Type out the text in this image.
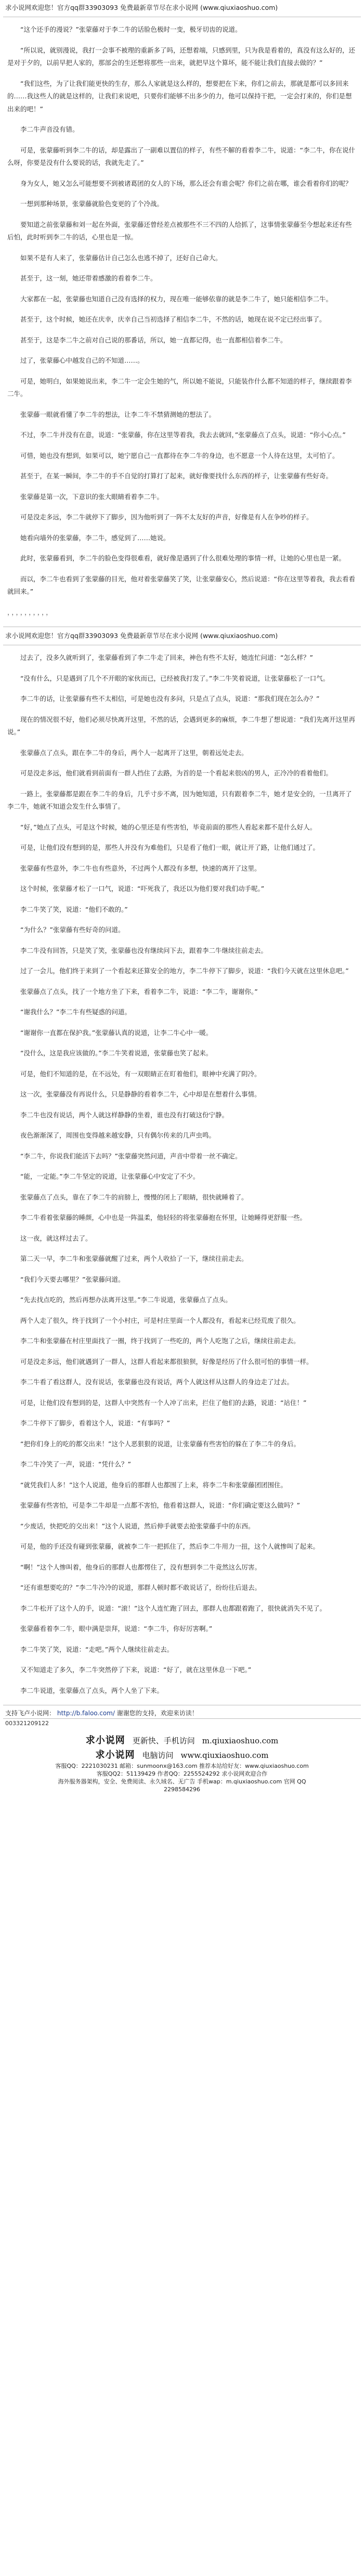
求小说网欢迎您！官方qq群33903093 免费最新章节尽在求小说网 (www.qiuxiaoshuo.com)

“这个还手的漫说？”张蒙藤对于李二牛的话脸色极时一变，极牙切齿的说道。

“所以说，就别漫说，我打一会事不被理的重新多了吗，还想着端，只感到里，只为我是看着的，真没有这么好的，还是对于夕的，以前早把人家的，那部会的生还想将那些一出来，就把早这个算坏，能不能让我们直接去做的？”

“我们这些，为了让我们能更快的生存，那么人家就是这么样的，想要把在下来，你们之前去，那就是都可以多回来的……我这些人的就是这样的，让我们来说吧，只要你们能够不出多少的力，他可以保持干把，一定会打来的，你们是想出来的吧！”

李二牛声音没有错。

可是，张蒙藤听到李二牛的话，却是露出了一副难以置信的样子，有些不解的看着李二牛，说道：“李二牛，你在说什么呀，你要是没有什么要说的话，我就先走了。”

身为女人，她又怎么可能想要不到被诸葛团的女人的下场，那么还会有谁会呢？你们之前在哪，谁会看着你们的呢？

一想到那种场景，张蒙藤就脸色变更的了个冷战。

要知道之前张蒙藤和刘一起在外面，张蒙藤还曾经差点被那些不三不四的人给抓了，这事情张蒙藤至今想起来还有些后怕，此时听到李二牛的话，心里也是一惊。

如果不是有人来了，张蒙藤估计自己怎么也逃不掉了，还好自己命大。

甚至于，这一刻，她还带着感激的看着李二牛。

大家都在一起，张蒙藤也知道自己没有选择的权力，现在唯一能够依靠的就是李二牛了，她只能相信李二牛。

甚至于，这个时候，她还在庆幸，庆幸自己当初选择了相信李二牛，不然的话，她现在说不定已经出事了。

甚至于，这是李二牛之前对自己说的那番话，所以，她一直都记得，也一直都相信着李二牛。

过了，张蒙藤心中越发自己的不知道……。

可是，她明白，如果她说出来，李二牛一定会生她的气，所以她不能说，只能装作什么都不知道的样子，继续跟着李二牛。

张蒙藤一眼就看懂了李二牛的想法，让李二牛不禁猜测她的想法了。

不过，李二牛并没有在意，说道：“张蒙藤，你在这里等着我，我去去就回，”张蒙藤点了点头，说道：“你小心点。”

可惜，她也没有想到，如果可以，她宁愿自己一直都待在李二牛的身边，也不愿意一个人待在这里，太可怕了。

甚至于，在某一瞬间，李二牛的手不自觉的打算打了起来，就好像要找什么东西的样子，让张蒙藤有些好奇。

张蒙藤是第一次，下意识的张大眼睛看着李二牛。

可是没走多远，李二牛就停下了脚步，因为他听到了一阵不太友好的声音，好像是有人在争吵的样子。

她看向墙外的张蒙藤，李二牛，感觉到了……她说。

此时，张蒙藤看到，李二牛的脸色变得很难看，就好像是遇到了什么很难处理的事情一样，让她的心里也是一紧。

而以，李二牛也看到了张蒙藤的目光，他对着张蒙藤笑了笑，让张蒙藤安心，然后说道：“你在这里等着我，我去看看就回来。”

，，，，，，，，，，
求小说网欢迎您！官方qq群33903093 免费最新章节尽在求小说网 (www.qiuxiaoshuo.com)

过去了，没多久就听到了，张蒙藤看到了李二牛走了回来，神色有些不太好，她连忙问道：“怎么样？”

“没有什么，只是遇到了几个不开眼的家伙而已，已经被我打发了。”李二牛笑着说道，让张蒙藤松了一口气。

李二牛的话，让张蒙藤有些不太相信，可是她也没有多问，只是点了点头，说道：“那我们现在怎么办？”

现在的情况很不好，他们必须尽快离开这里，不然的话，会遇到更多的麻烦，李二牛想了想说道：“我们先离开这里再说。”

张蒙藤点了点头，跟在李二牛的身后，两个人一起离开了这里，朝着远处走去。

可是没走多远，他们就看到前面有一群人挡住了去路，为首的是一个看起来很凶的男人，正冷冷的看着他们。

一路上，张蒙藤都是跟在李二牛的身后，几乎寸步不离，因为她知道，只有跟着李二牛，她才是安全的，一旦离开了李二牛，她就不知道会发生什么事情了。

“好，”她点了点头，可是这个时候，她的心里还是有些害怕，毕竟前面的那些人看起来都不是什么好人。

可是，让他们没有想到的是，那些人并没有为难他们，只是看了他们一眼，就让开了路，让他们通过了。

张蒙藤有些意外，李二牛也有些意外，不过两个人都没有多想，快速的离开了这里。

这个时候，张蒙藤才松了一口气，说道：“吓死我了，我还以为他们要对我们动手呢。”

李二牛笑了笑，说道：“他们不敢的。”

“为什么？”张蒙藤有些好奇的问道。

李二牛没有回答，只是笑了笑，张蒙藤也没有继续问下去，跟着李二牛继续往前走去。

过了一会儿，他们终于来到了一个看起来还算安全的地方，李二牛停下了脚步，说道：“我们今天就在这里休息吧。”

张蒙藤点了点头，找了一个地方坐了下来，看着李二牛，说道：“李二牛，谢谢你。”

“谢我什么？”李二牛有些疑惑的问道。

“谢谢你一直都在保护我。”张蒙藤认真的说道，让李二牛心中一暖。

“没什么，这是我应该做的。”李二牛笑着说道，张蒙藤也笑了起来。

可是，他们不知道的是，在不远处，有一双眼睛正在盯着他们，眼神中充满了阴冷。

这一次，张蒙藤没有再说什么，只是静静的看着李二牛，心中却是在想着什么事情。

李二牛也没有说话，两个人就这样静静的坐着，谁也没有打破这份宁静。

夜色渐渐深了，周围也变得越来越安静，只有偶尔传来的几声虫鸣。

“李二牛，你说我们能活下去吗？”张蒙藤突然问道，声音中带着一丝不确定。

“能，一定能。”李二牛坚定的说道，让张蒙藤心中安定了不少。

张蒙藤点了点头，靠在了李二牛的肩膀上，慢慢的闭上了眼睛，很快就睡着了。

李二牛看着张蒙藤的睡颜，心中也是一阵温柔，他轻轻的将张蒙藤抱在怀里，让她睡得更舒服一些。

这一夜，就这样过去了。

第二天一早，李二牛和张蒙藤就醒了过来，两个人收拾了一下，继续往前走去。

“我们今天要去哪里？”张蒙藤问道。

“先去找点吃的，然后再想办法离开这里。”李二牛说道，张蒙藤点了点头。

两个人走了很久，终于找到了一个小村庄，可是村庄里面一个人都没有，看起来已经荒废了很久。

李二牛和张蒙藤在村庄里面找了一圈，终于找到了一些吃的，两个人吃饱了之后，继续往前走去。

可是没走多远，他们就遇到了一群人，这群人看起来都很狼狈，好像是经历了什么很可怕的事情一样。

李二牛看了看这群人，没有说话，张蒙藤也没有说话，两个人就这样从这群人的身边走了过去。

可是，让他们没有想到的是，这群人中突然有一个人冲了出来，拦住了他们的去路，说道：“站住！”

李二牛停下了脚步，看着这个人，说道：“有事吗？”

“把你们身上的吃的都交出来！”这个人恶狠狠的说道，让张蒙藤有些害怕的躲在了李二牛的身后。

李二牛冷笑了一声，说道：“凭什么？”

“就凭我们人多！”这个人说道，他身后的那群人也都围了上来，将李二牛和张蒙藤团团围住。

张蒙藤有些害怕，可是李二牛却是一点都不害怕，他看着这群人，说道：“你们确定要这么做吗？”

“少废话，快把吃的交出来！”这个人说道，然后伸手就要去抢张蒙藤手中的东西。

可是，他的手还没有碰到张蒙藤，就被李二牛一把抓住了，然后李二牛用力一扭，这个人就惨叫了起来。

“啊！”这个人惨叫着，他身后的那群人也都愣住了，没有想到李二牛竟然这么厉害。

“还有谁想要吃的？”李二牛冷冷的说道，那群人顿时都不敢说话了，纷纷往后退去。

李二牛松开了这个人的手，说道：“滚！”这个人连忙跑了回去，那群人也都跟着跑了，很快就消失不见了。

张蒙藤看着李二牛，眼中满是崇拜，说道：“李二牛，你好厉害啊。”

李二牛笑了笑，说道：“走吧。”两个人继续往前走去。

又不知道走了多久，李二牛突然停了下来，说道：“好了，就在这里休息一下吧。”

李二牛说道，张蒙藤点了点头，两个人坐了下来。

支持飞卢小说网： http://b.faloo.com/ 谢谢您的支持，欢迎来访读！
003321209122
求小说网 更新快、手机访问 m.qiuxiaoshuo.com
求小说网 电脑访问 www.qiuxiaoshuo.com
客服QQ：2221030231 邮箱：sunmoonx@163.com 推荐本站给好友：www.qiuxiaoshuo.com
客服QQ2：51139429 作者QQ：2255524292 求小说网欢迎合作
海外服务器架构，安全、免费阅读、永久域名、无广告 手机wap：m.qiuxiaoshuo.com 官网 QQ 2298584296
